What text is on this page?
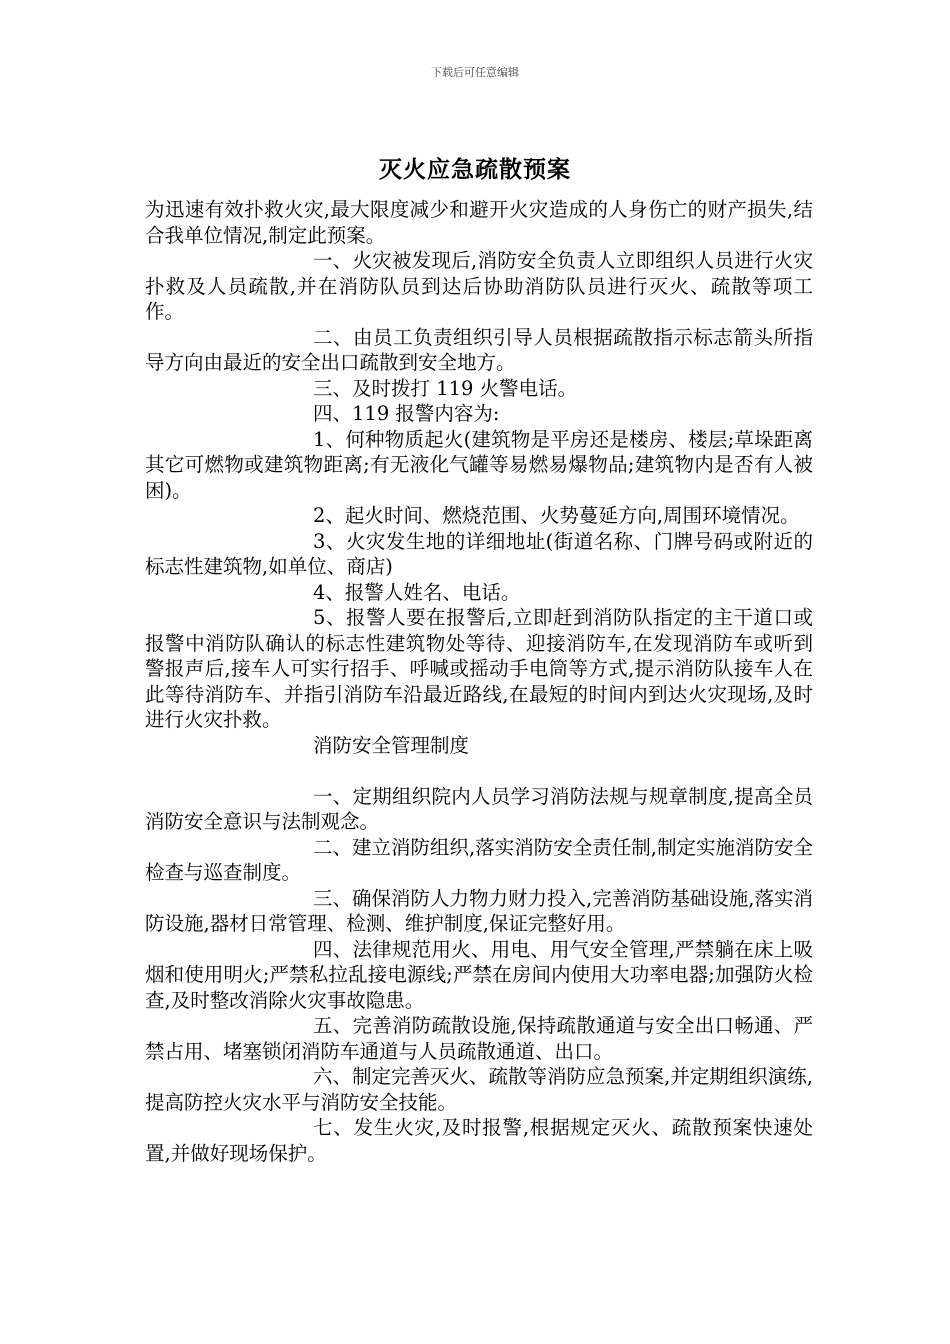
下载后可任意编辑
灭火应急疏散预案

为迅速有效扑救火灾,最大限度减少和避开火灾造成的人身伤亡的财产损失,结合我单位情况,制定此预案。

一、火灾被发现后,消防安全负责人立即组织人员进行火灾扑救及人员疏散,并在消防队员到达后协助消防队员进行灭火、疏散等项工作。

二、由员工负责组织引导人员根据疏散指示标志箭头所指导方向由最近的安全出口疏散到安全地方。

三、及时拨打 119 火警电话。

四、119 报警内容为:

1、何种物质起火(建筑物是平房还是楼房、楼层;草垛距离其它可燃物或建筑物距离;有无液化气罐等易燃易爆物品;建筑物内是否有人被困)。

2、起火时间、燃烧范围、火势蔓延方向,周围环境情况。

3、火灾发生地的详细地址(街道名称、门牌号码或附近的标志性建筑物,如单位、商店)

4、报警人姓名、电话。

5、报警人要在报警后,立即赶到消防队指定的主干道口或报警中消防队确认的标志性建筑物处等待、迎接消防车,在发现消防车或听到警报声后,接车人可实行招手、呼喊或摇动手电筒等方式,提示消防队接车人在此等待消防车、并指引消防车沿最近路线,在最短的时间内到达火灾现场,及时进行火灾扑救。

消防安全管理制度

一、定期组织院内人员学习消防法规与规章制度,提高全员消防安全意识与法制观念。

二、建立消防组织,落实消防安全责任制,制定实施消防安全检查与巡查制度。

三、确保消防人力物力财力投入,完善消防基础设施,落实消防设施,器材日常管理、检测、维护制度,保证完整好用。

四、法律规范用火、用电、用气安全管理,严禁躺在床上吸烟和使用明火;严禁私拉乱接电源线;严禁在房间内使用大功率电器;加强防火检查,及时整改消除火灾事故隐患。

五、完善消防疏散设施,保持疏散通道与安全出口畅通、严禁占用、堵塞锁闭消防车通道与人员疏散通道、出口。

六、制定完善灭火、疏散等消防应急预案,并定期组织演练,提高防控火灾水平与消防安全技能。

七、发生火灾,及时报警,根据规定灭火、疏散预案快速处置,并做好现场保护。
